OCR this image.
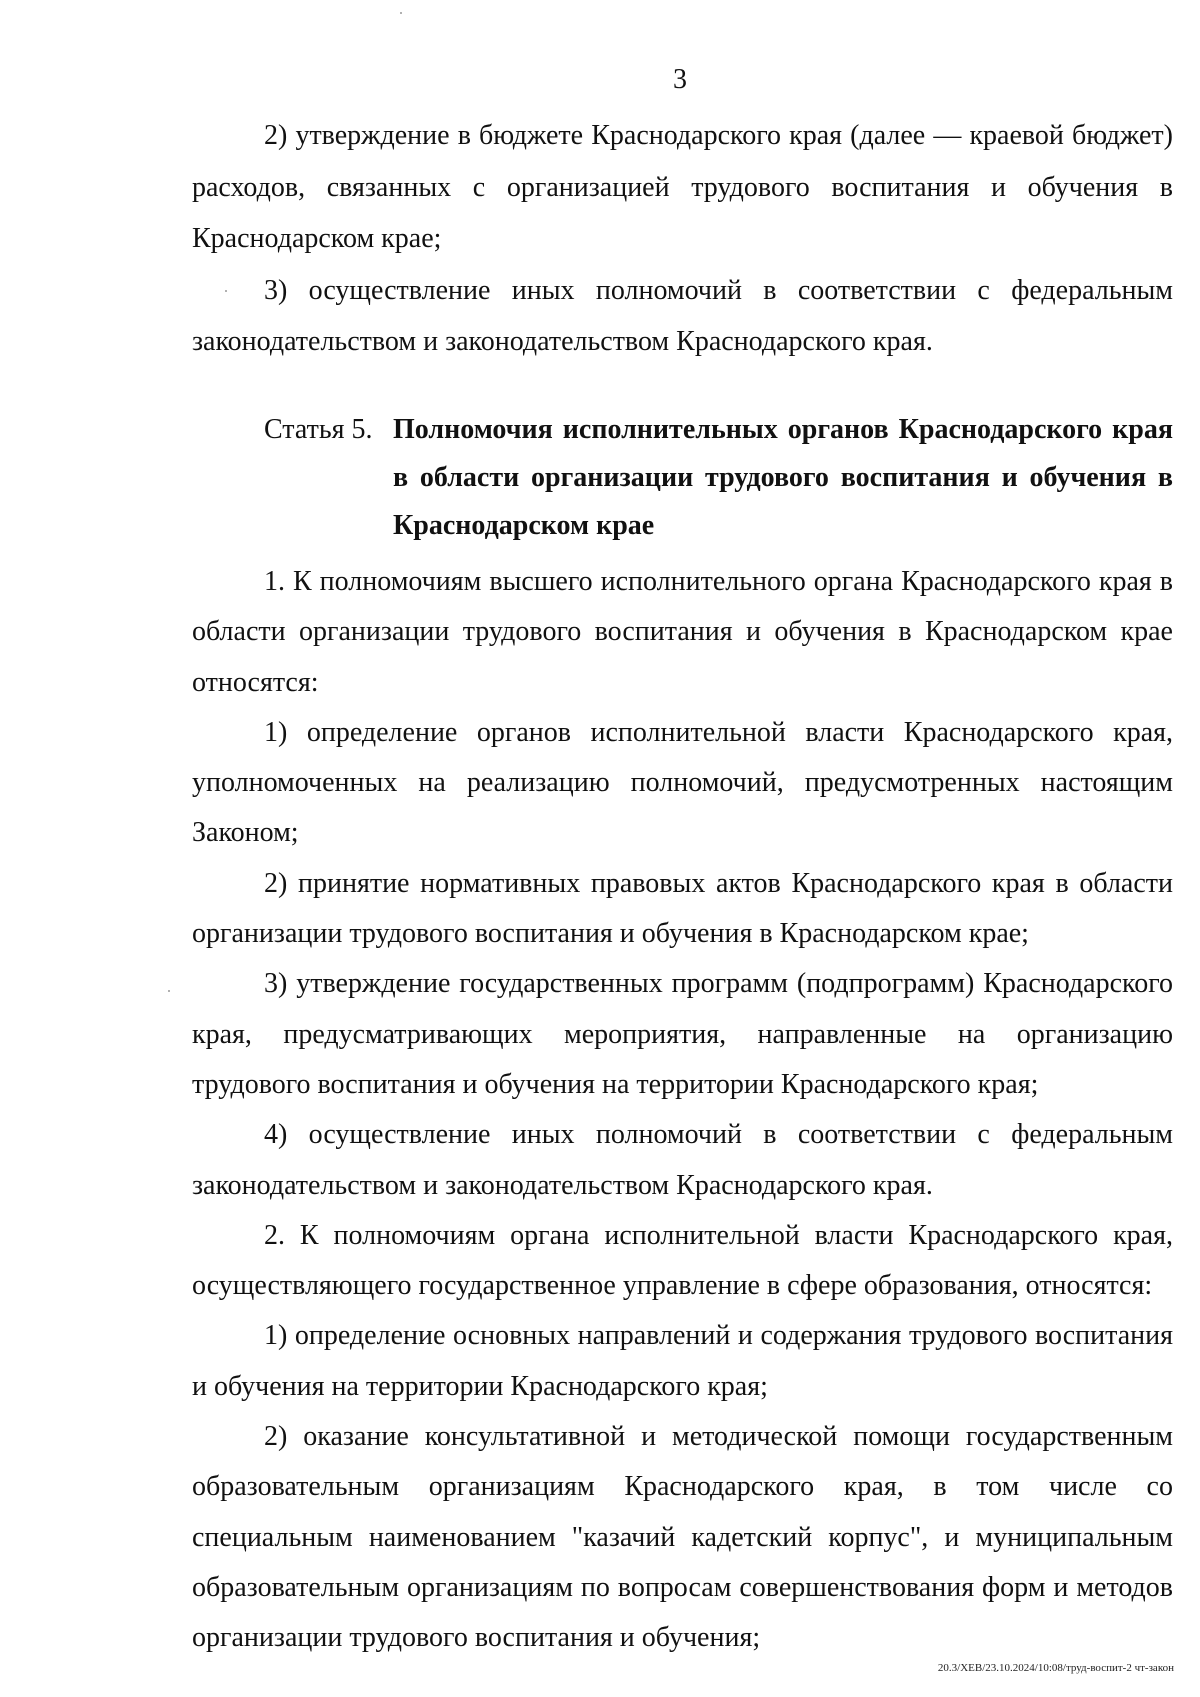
3

2) утверждение в бюджете Краснодарского края (далее — краевой бюджет) расходов, связанных с организацией трудового воспитания и обучения в Краснодарском крае;

3) осуществление иных полномочий в соответствии с федеральным законодательством и законодательством Краснодарского края.

Статья 5. Полномочия исполнительных органов Краснодарского края в области организации трудового воспитания и обучения в Краснодарском крае

1. К полномочиям высшего исполнительного органа Краснодарского края в области организации трудового воспитания и обучения в Краснодарском крае относятся:

1) определение органов исполнительной власти Краснодарского края, уполномоченных на реализацию полномочий, предусмотренных настоящим Законом;

2) принятие нормативных правовых актов Краснодарского края в области организации трудового воспитания и обучения в Краснодарском крае;

3) утверждение государственных программ (подпрограмм) Краснодарского края, предусматривающих мероприятия, направленные на организацию трудового воспитания и обучения на территории Краснодарского края;

4) осуществление иных полномочий в соответствии с федеральным законодательством и законодательством Краснодарского края.

2. К полномочиям органа исполнительной власти Краснодарского края, осуществляющего государственное управление в сфере образования, относятся:

1) определение основных направлений и содержания трудового воспитания и обучения на территории Краснодарского края;

2) оказание консультативной и методической помощи государственным образовательным организациям Краснодарского края, в том числе со специальным наименованием "казачий кадетский корпус", и муниципальным образовательным организациям по вопросам совершенствования форм и методов организации трудового воспитания и обучения;

20.3/ХЕВ/23.10.2024/10:08/труд-воспит-2 чт-закон
